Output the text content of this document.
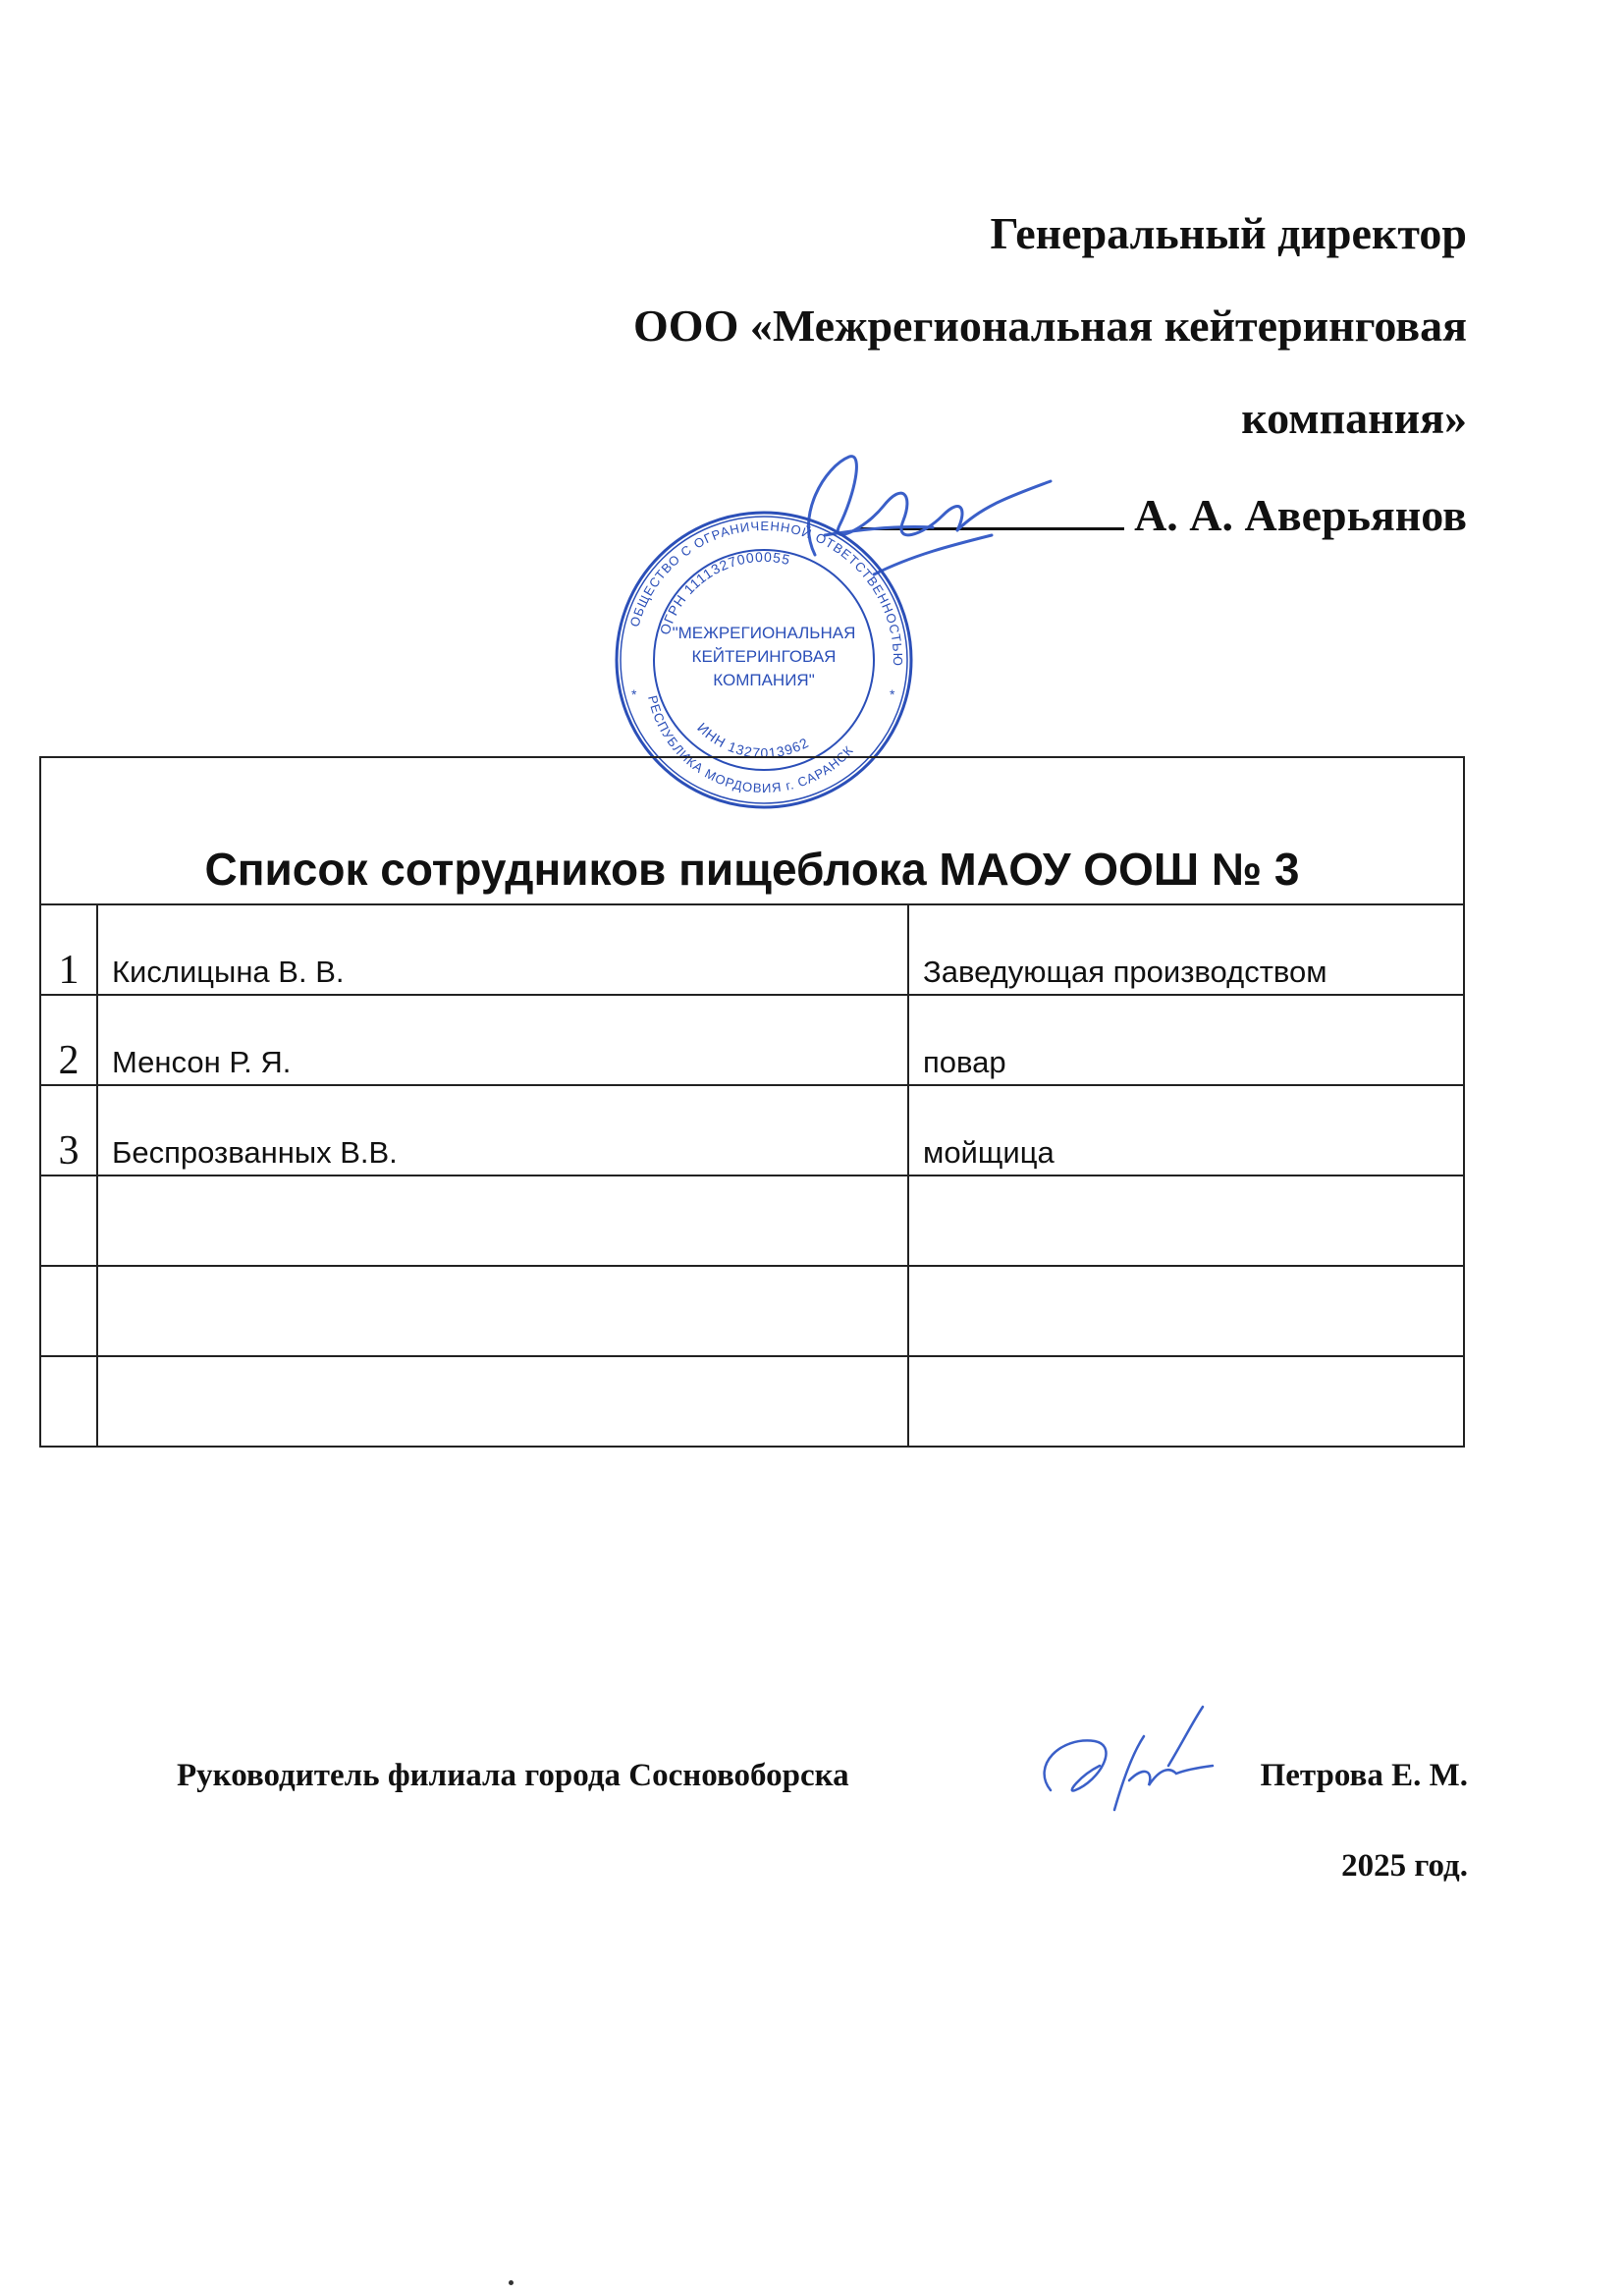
Генеральный директор
ООО «Межрегиональная кейтеринговая
компания»
А. А. Аверьянов
ОБЩЕСТВО С ОГРАНИЧЕННОЙ ОТВЕТСТВЕННОСТЬЮ
ОГРН 1111327000055
РЕСПУБЛИКА МОРДОВИЯ г. САРАНСК
ИНН 1327013962
"МЕЖРЕГИОНАЛЬНАЯ
КЕЙТЕРИНГОВАЯ
КОМПАНИЯ"
*	*
Список сотрудников пищеблока МАОУ ООШ № 3		
1	Кислицына В. В.	Заведующая производством
2	Менсон Р. Я.	повар
3	Беспрозванных В.В.	мойщица

Руководитель филиала города Сосновоборска	Петрова Е. М.
2025 год.
